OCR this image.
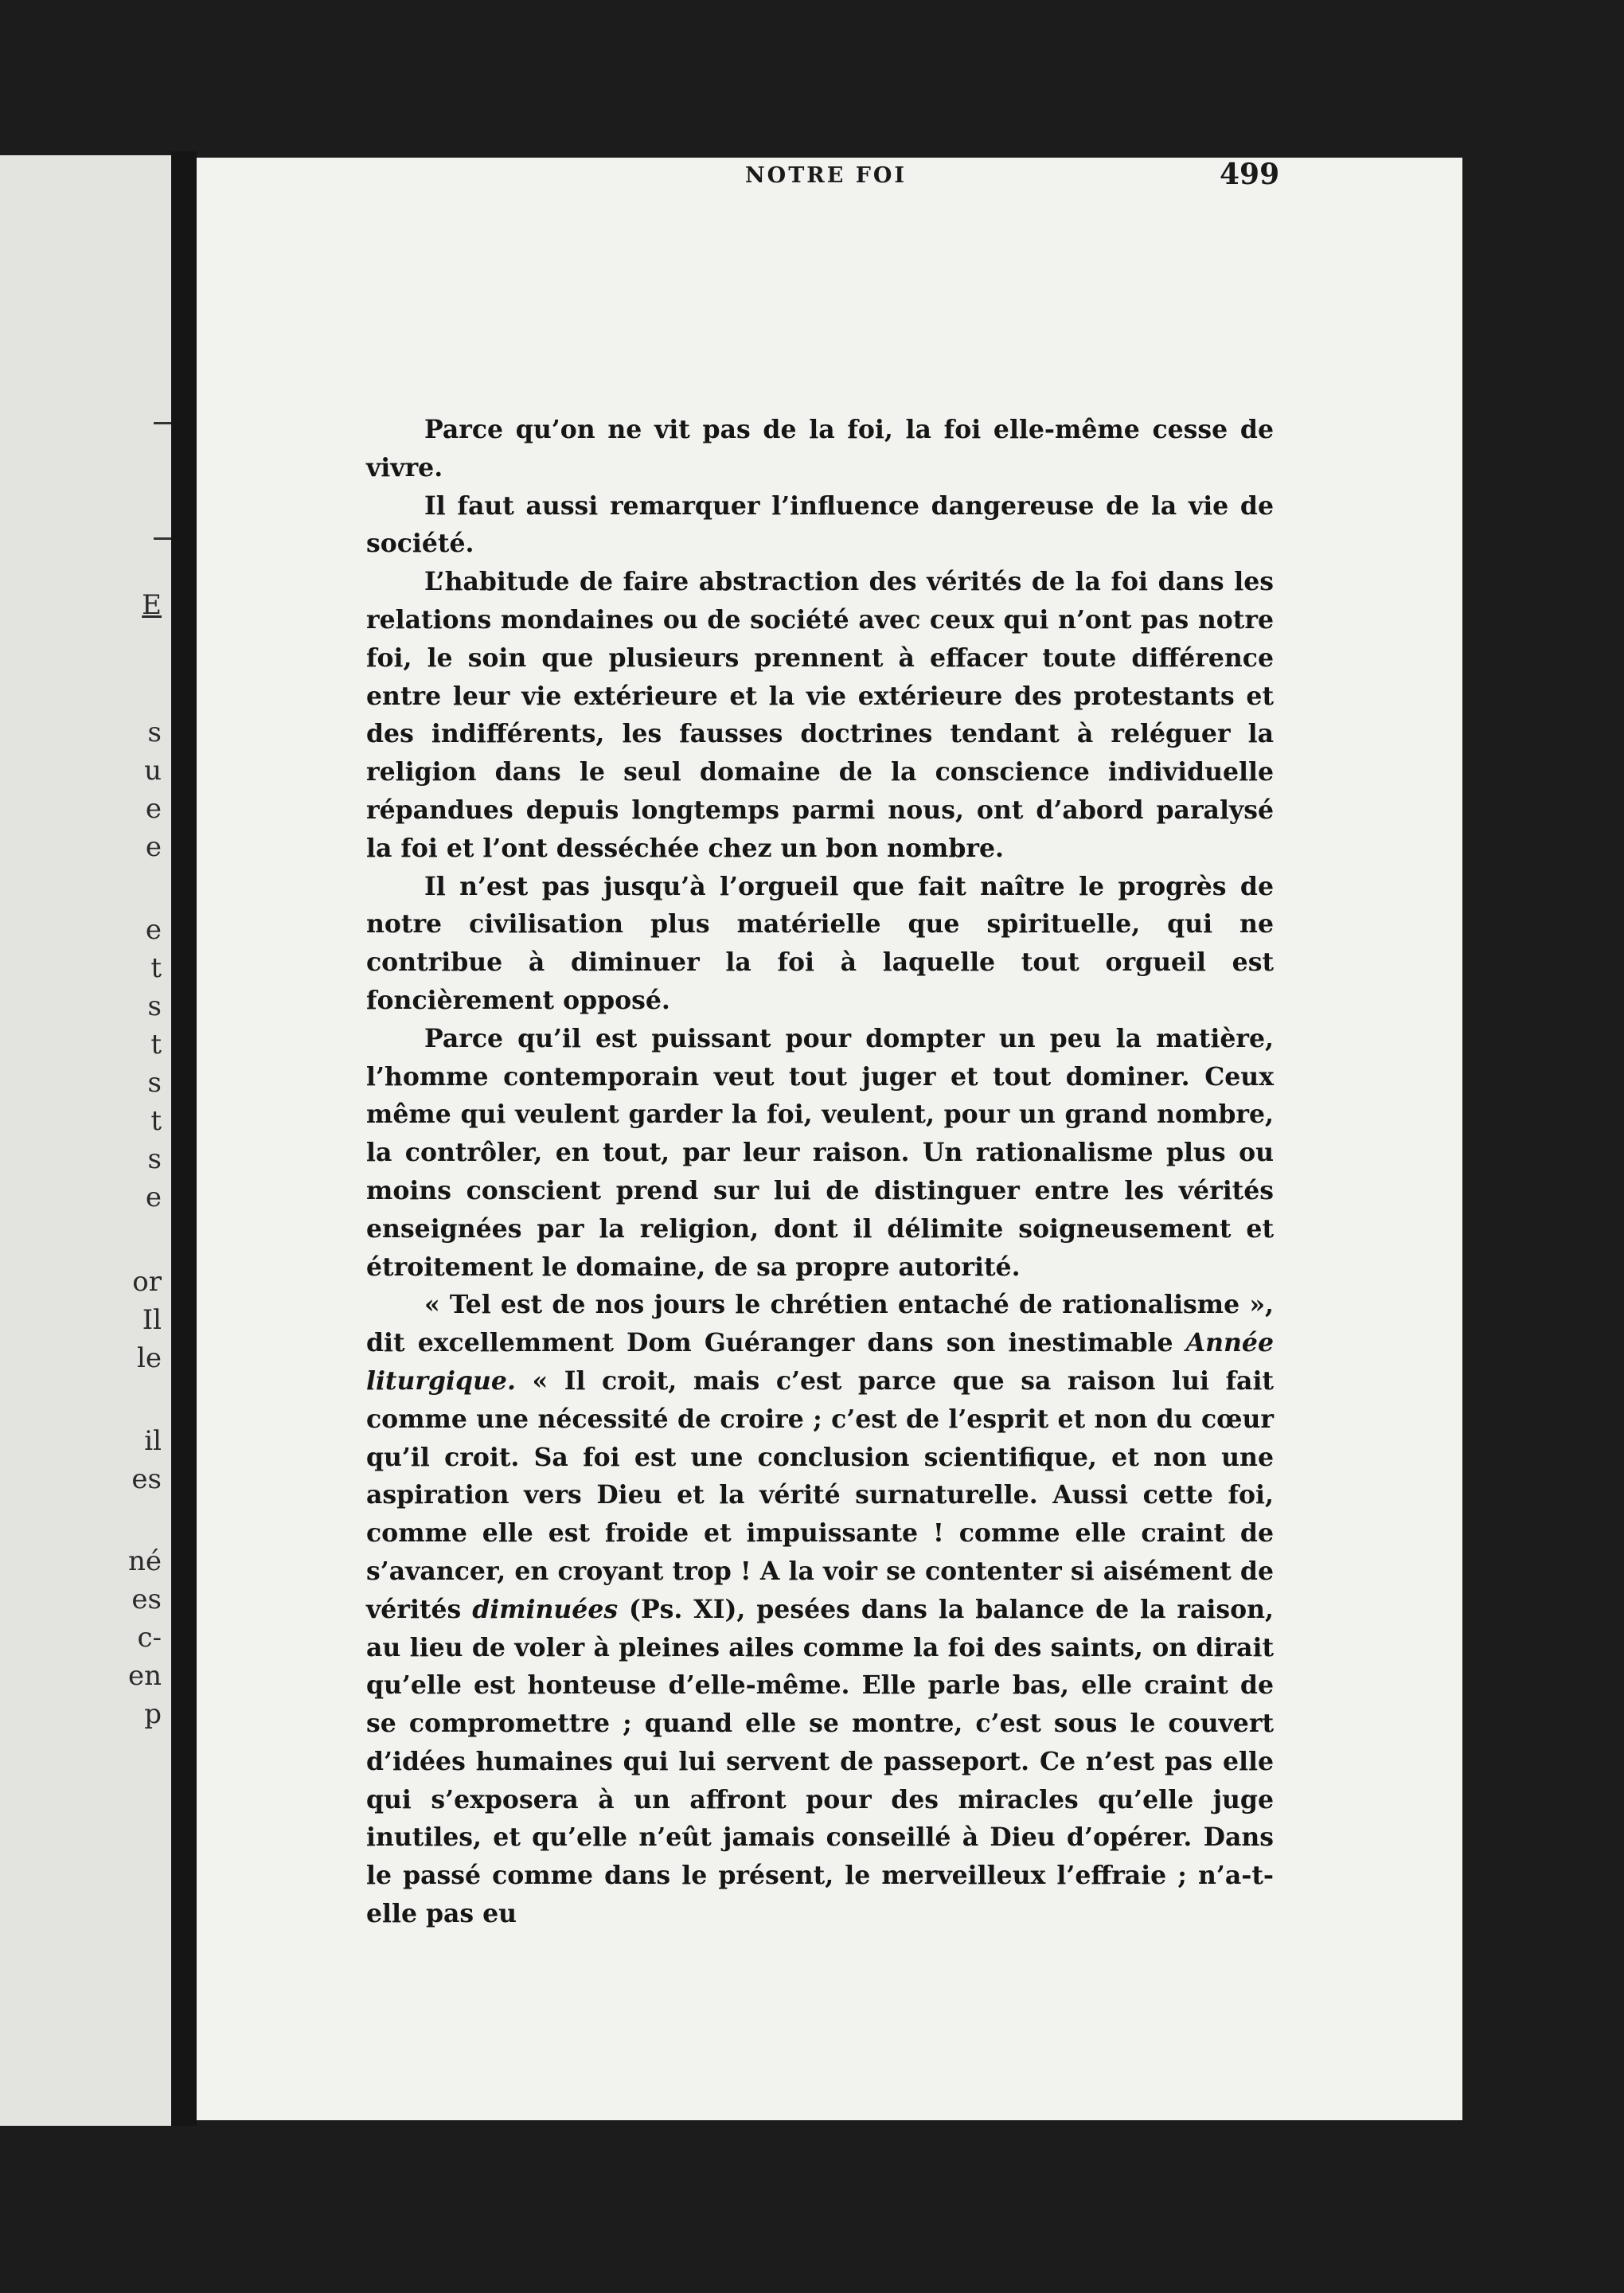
E
s
u
e
e
e
t
s
t
s
t
s
e
or
Il
le
il
es
né
es
c-
en
p
NOTRE FOI	499

Parce qu’on ne vit pas de la foi, la foi elle-même cesse de vivre.

Il faut aussi remarquer l’influence dangereuse de la vie de société.

L’habitude de faire abstraction des vérités de la foi dans les relations mondaines ou de société avec ceux qui n’ont pas notre foi, le soin que plusieurs prennent à effacer toute différence entre leur vie extérieure et la vie extérieure des protestants et des indifférents, les fausses doctrines tendant à reléguer la religion dans le seul domaine de la conscience individuelle répandues depuis longtemps parmi nous, ont d’abord paralysé la foi et l’ont desséchée chez un bon nombre.

Il n’est pas jusqu’à l’orgueil que fait naître le progrès de notre civilisation plus matérielle que spirituelle, qui ne contribue à diminuer la foi à laquelle tout orgueil est foncièrement opposé.

Parce qu’il est puissant pour dompter un peu la matière, l’homme contemporain veut tout juger et tout dominer. Ceux même qui veulent garder la foi, veulent, pour un grand nombre, la contrôler, en tout, par leur raison. Un rationalisme plus ou moins conscient prend sur lui de distinguer entre les vérités enseignées par la religion, dont il délimite soigneusement et étroitement le domaine, de sa propre autorité.

« Tel est de nos jours le chrétien entaché de rationalisme », dit excellemment Dom Guéranger dans son inestimable Année liturgique. « Il croit, mais c’est parce que sa raison lui fait comme une nécessité de croire ; c’est de l’esprit et non du cœur qu’il croit. Sa foi est une conclusion scientifique, et non une aspiration vers Dieu et la vérité surnaturelle. Aussi cette foi, comme elle est froide et impuissante ! comme elle craint de s’avancer, en croyant trop ! A la voir se contenter si aisément de vérités diminuées (Ps. XI), pesées dans la balance de la raison, au lieu de voler à pleines ailes comme la foi des saints, on dirait qu’elle est honteuse d’elle-même. Elle parle bas, elle craint de se compromettre ; quand elle se montre, c’est sous le couvert d’idées humaines qui lui servent de passeport. Ce n’est pas elle qui s’exposera à un affront pour des miracles qu’elle juge inutiles, et qu’elle n’eût jamais conseillé à Dieu d’opérer. Dans le passé comme dans le présent, le merveilleux l’effraie ; n’a-t-elle pas eu
